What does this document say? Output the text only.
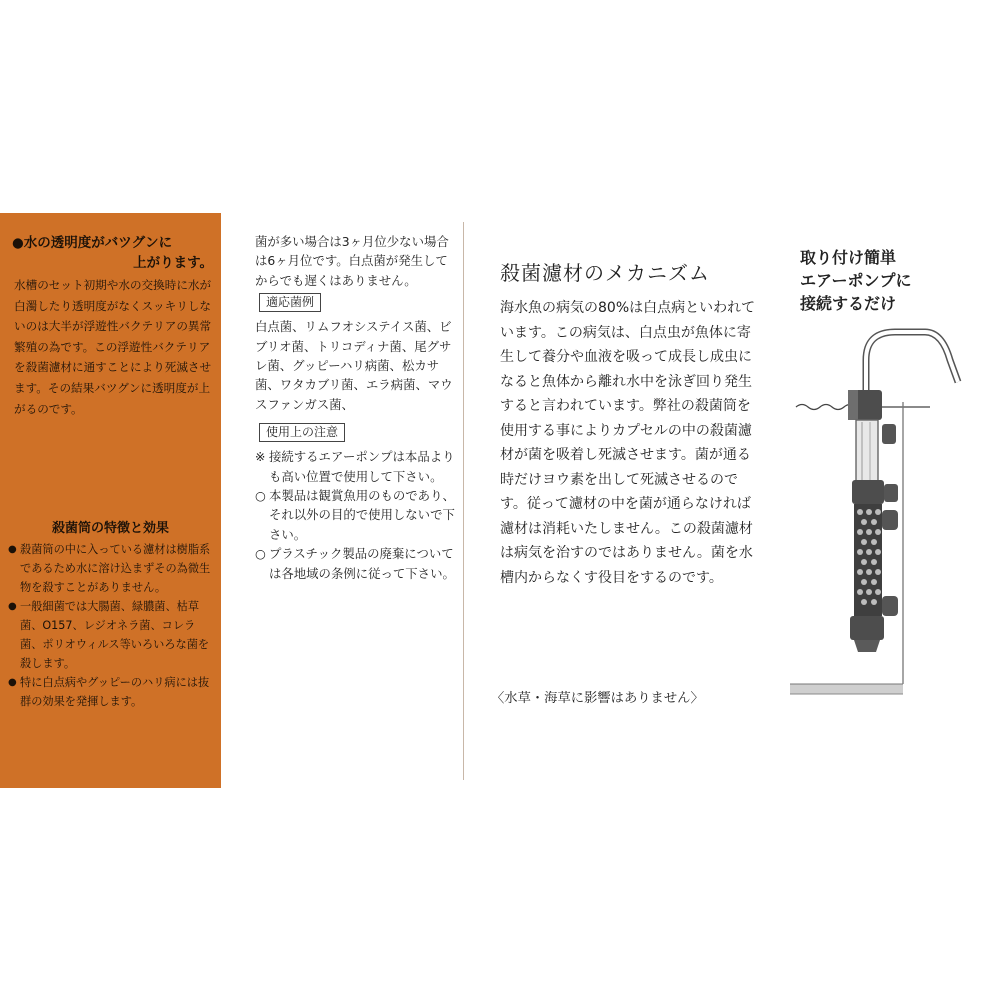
●水の透明度がバツグンに
上がります。
水槽のセット初期や水の交換時に水が白濁したり透明度がなくスッキリしないのは大半が浮遊性バクテリアの異常繁殖の為です。この浮遊性バクテリアを殺菌濾材に通すことにより死滅させます。その結果バツグンに透明度が上がるのです。
殺菌筒の特徴と効果
● 殺菌筒の中に入っている濾材は樹脂系であるため水に溶け込まずその為微生物を殺すことがありません。
● 一般細菌では大腸菌、緑膿菌、枯草菌、O157、レジオネラ菌、コレラ菌、ポリオウィルス等いろいろな菌を殺します。
● 特に白点病やグッピーのハリ病には抜群の効果を発揮します。
菌が多い場合は3ヶ月位少ない場合は6ヶ月位です。白点菌が発生してからでも遅くはありません。
適応菌例
白点菌、リムフオシステイス菌、ビブリオ菌、トリコディナ菌、尾グサレ菌、グッピーハリ病菌、松カサ菌、ワタカブリ菌、エラ病菌、マウスファンガス菌、
使用上の注意
※ 接続するエアーポンプは本品よりも高い位置で使用して下さい。
○ 本製品は観賞魚用のものであり、それ以外の目的で使用しないで下さい。
○ プラスチック製品の廃棄については各地域の条例に従って下さい。
殺菌濾材のメカニズム
海水魚の病気の80%は白点病といわれています。この病気は、白点虫が魚体に寄生して養分や血液を吸って成長し成虫になると魚体から離れ水中を泳ぎ回り発生すると言われています。弊社の殺菌筒を使用する事によりカプセルの中の殺菌濾材が菌を吸着し死滅させます。菌が通る時だけヨウ素を出して死滅させるのです。従って濾材の中を菌が通らなければ濾材は消耗いたしません。この殺菌濾材は病気を治すのではありません。菌を水槽内からなくす役目をするのです。
〈水草・海草に影響はありません〉
取り付け簡単
エアーポンプに
接続するだけ
